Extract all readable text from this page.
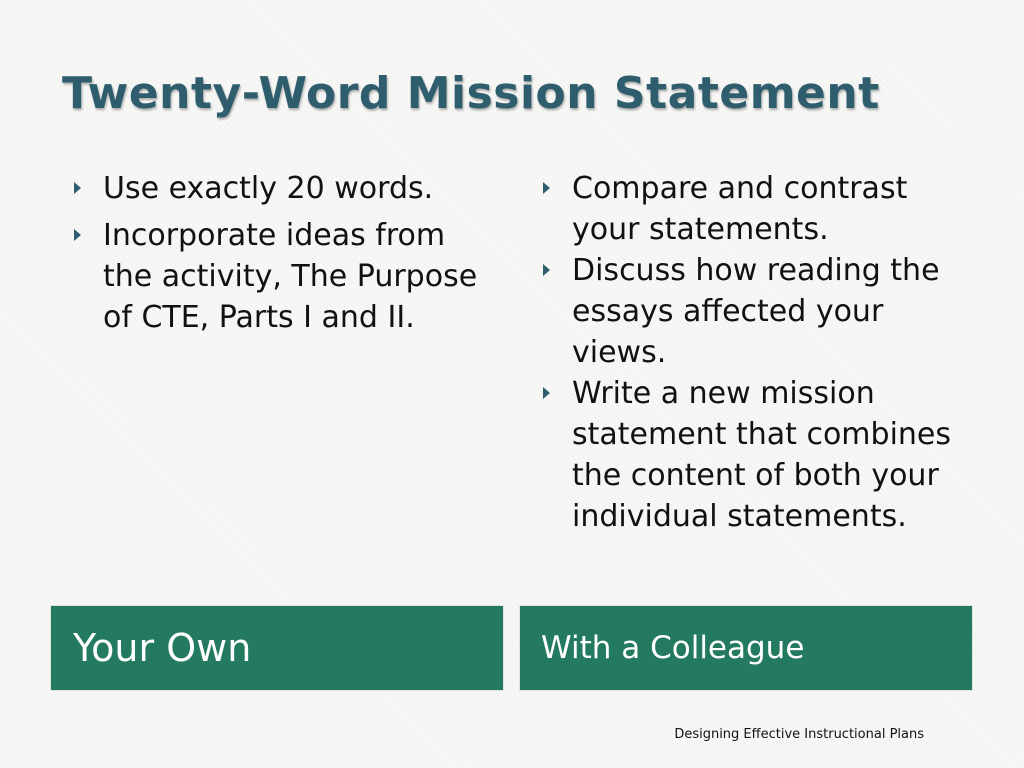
Twenty-Word Mission Statement
Use exactly 20 words.
Incorporate ideas from the activity, The Purpose of CTE, Parts I and II.
Compare and contrast your statements.
Discuss how reading the essays affected your views.
Write a new mission statement that combines the content of both your individual statements.
Your Own	With a Colleague
Designing Effective Instructional Plans
